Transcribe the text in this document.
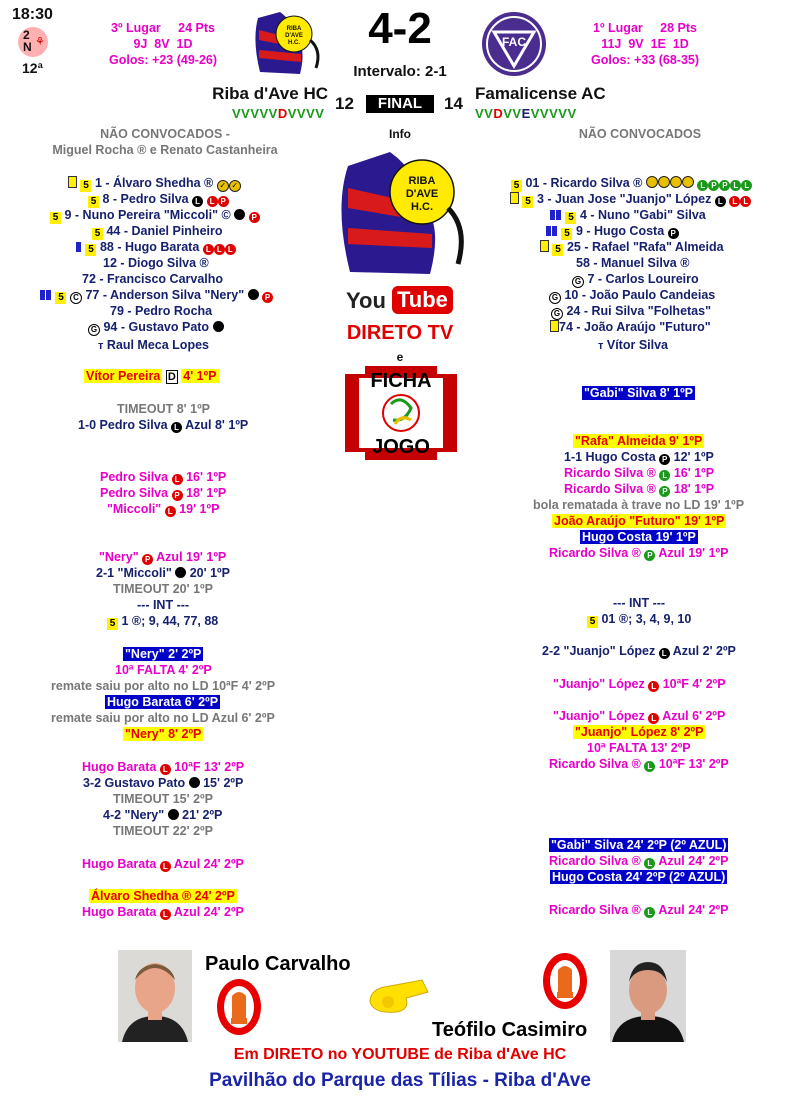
18:30
2
N ⚘
12ª
3º Lugar     24 Pts
9J  8V  1D
Golos: +23 (49-26)
RIBA
D'AVE
H.C.	4-2
Intervalo: 2-1
FAC
1º Lugar     28 Pts
11J  9V  1E  1D
Golos: +33 (68-35)
Riba d'Ave HC
12	FINAL	14
Famalicense AC
VVVVVDVVVV	VVDVVEVVVVV
Info
NÃO CONVOCADOS -
Miguel Rocha ® e Renato Castanheira
NÃO CONVOCADOS
5 1 - Álvaro Shedha ® ✓ ✓
5 8 - Pedro Silva L L P
5 9 - Nuno Pereira "Miccoli" ©	P
5 44 - Daniel Pinheiro
5 88 - Hugo Barata L L L
12 - Diogo Silva ®
72 - Francisco Carvalho
5 C 77 - Anderson Silva "Nery"	P
79 - Pedro Rocha
G 94 - Gustavo Pato
ᴛ Raul Meca Lopes
Vítor Pereira D 4' 1ºP
5 01 - Ricardo Silva ®	L P P L L
5 3 - Juan Jose "Juanjo" López L L L
5 4 - Nuno "Gabi" Silva
5 9 - Hugo Costa P
5 25 - Rafael "Rafa" Almeida
58 - Manuel Silva ®
G 7 - Carlos Loureiro
G 10 - João Paulo Candeias
G 24 - Rui Silva "Folhetas"
74 - João Araújo "Futuro"
ᴛ Vítor Silva
RIBA
D'AVE
H.C.
You Tube
DIRETO TV
e
FICHA
JOGO
TIMEOUT 8' 1ºP
1-0 Pedro Silva L Azul 8' 1ºP
Pedro Silva L 16' 1ºP
Pedro Silva P 18' 1ºP
"Miccoli" L 19' 1ºP
"Nery" P Azul 19' 1ºP
2-1 "Miccoli" 20' 1ºP
TIMEOUT 20' 1ºP
--- INT ---
5 1 ®; 9, 44, 77, 88
"Nery" 2' 2ºP
10ª FALTA 4' 2ºP
remate saiu por alto no LD 10ªF 4' 2ºP
Hugo Barata 6' 2ºP
remate saiu por alto no LD Azul 6' 2ºP
"Nery" 8' 2ºP
Hugo Barata L 10ªF 13' 2ºP
3-2 Gustavo Pato 15' 2ºP
TIMEOUT 15' 2ºP
4-2 "Nery" 21' 2ºP
TIMEOUT 22' 2ºP
Hugo Barata L Azul 24' 2ºP
Álvaro Shedha ® 24' 2ºP
Hugo Barata L Azul 24' 2ºP
"Gabi" Silva 8' 1ºP
"Rafa" Almeida 9' 1ºP
1-1 Hugo Costa P 12' 1ºP
Ricardo Silva ® L 16' 1ºP
Ricardo Silva ® P 18' 1ºP
bola rematada à trave no LD 19' 1ºP
João Araújo "Futuro" 19' 1ºP
Hugo Costa 19' 1ºP
Ricardo Silva ® P Azul 19' 1ºP
--- INT ---
5 01 ®; 3, 4, 9, 10
2-2 "Juanjo" López L Azul 2' 2ºP
"Juanjo" López L 10ªF 4' 2ºP
"Juanjo" López L Azul 6' 2ºP
"Juanjo" López 8' 2ºP
10ª FALTA 13' 2ºP
Ricardo Silva ® L 10ªF 13' 2ºP
"Gabi" Silva 24' 2ºP (2º AZUL)
Ricardo Silva ® L Azul 24' 2ºP
Hugo Costa 24' 2ºP (2º AZUL)
Ricardo Silva ® L Azul 24' 2ºP
Paulo Carvalho
Teófilo Casimiro
Em DIRETO no YOUTUBE de Riba d'Ave HC
Pavilhão do Parque das Tílias - Riba d'Ave
